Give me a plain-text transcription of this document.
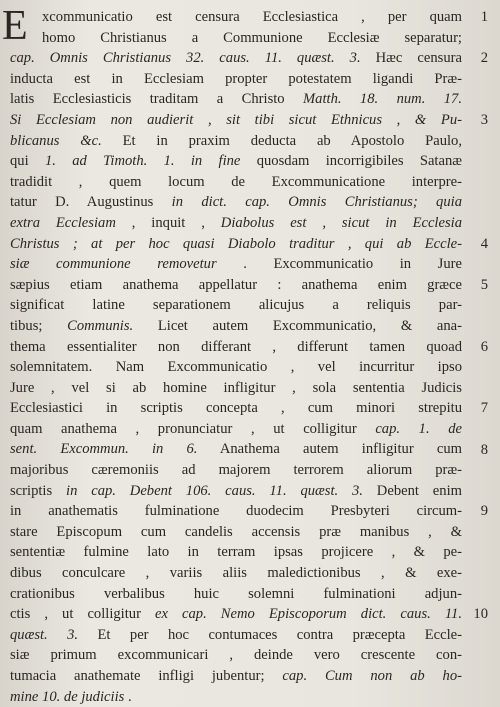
E xcommunicatio est censura Ecclesiastica , per quam
homo Christianus a Communione Ecclesiæ separatur;
cap. Omnis Christianus 32. caus. 11. quæst. 3. Hæc censura
inducta est in Ecclesiam propter potestatem ligandi Præ-
latis Ecclesiasticis traditam a Christo Matth. 18. num. 17.
Si Ecclesiam non audierit , sit tibi sicut Ethnicus , & Pu-
blicanus &c. Et in praxim deducta ab Apostolo Paulo,
qui 1. ad Timoth. 1. in fine quosdam incorrigibiles Satanæ
tradidit , quem locum de Excommunicatione interpre-
tatur D. Augustinus in dict. cap. Omnis Christianus; quia
extra Ecclesiam , inquit , Diabolus est , sicut in Ecclesia
Christus ; at per hoc quasi Diabolo traditur , qui ab Eccle-
siæ communione removetur . Excommunicatio in Jure
sæpius etiam anathema appellatur : anathema enim græce
significat latine separationem alicujus a reliquis par-
tibus; Communis. Licet autem Excommunicatio, & ana-
thema essentialiter non differant , differunt tamen quoad
solemnitatem. Nam Excommunicatio , vel incurritur ipso
Jure , vel si ab homine infligitur , sola sententia Judicis
Ecclesiastici in scriptis concepta , cum minori strepitu
quam anathema , pronunciatur , ut colligitur cap. 1. de
sent. Excommun. in 6. Anathema autem infligitur cum
majoribus cæremoniis ad majorem terrorem aliorum præ-
scriptis in cap. Debent 106. caus. 11. quæst. 3. Debent enim
in anathematis fulminatione duodecim Presbyteri circum-
stare Episcopum cum candelis accensis præ manibus , &
sententiæ fulmine lato in terram ipsas projicere , & pe-
dibus conculcare , variis aliis maledictionibus , & exe-
crationibus verbalibus huic solemni fulminationi adjun-
ctis , ut colligitur ex cap. Nemo Episcoporum dict. caus. 11.
quæst. 3. Et per hoc contumaces contra præcepta Eccle-
siæ primum excommunicari , deinde vero crescente con-
tumacia anathemate infligi jubentur; cap. Cum non ab ho-
mine 10. de judiciis .
1
2
3
4
5
6
7
8
9
10
